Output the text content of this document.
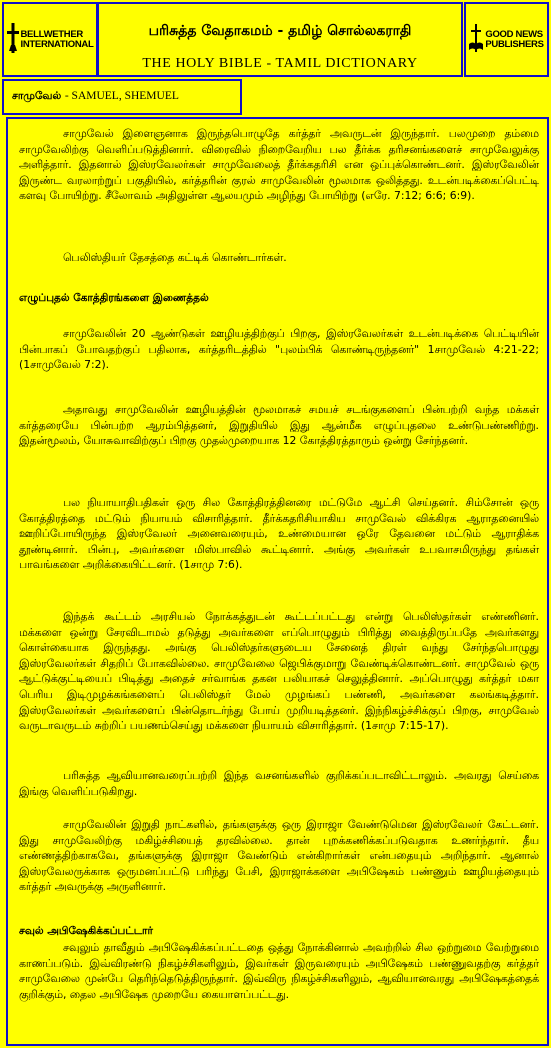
BELLWETHER
INTERNATIONAL
பரிசுத்த வேதாகமம் - தமிழ் சொல்லகராதி
THE HOLY BIBLE - TAMIL DICTIONARY
GOOD NEWS
PUBLISHERS
சாமுவேல் - SAMUEL, SHEMUEL

சாமுவேல் இளைஞனாக இருந்தபொழுதே கர்த்தர் அவருடன் இருந்தார். பலமுறை தம்மை சாமுவேலிற்கு வெளிப்படுத்தினார். விரைவில் நிறைவேறிய பல தீர்க்க தரிசனங்களைச் சாமுவேலுக்கு அளித்தார். இதனால் இஸ்ரவேலர்கள் சாமுவேலைத் தீர்க்கதரிசி என ஒப்புக்கொண்டனர். இஸ்ரவேலின் இருண்ட வரலாற்றுப் பகுதியில், கர்த்தரின் குரல் சாமுவேலின் மூலமாக ஒலித்தது. உடன்படிக்கைப்பெட்டி களவு போயிற்று. சீலோவம் அதிலுள்ள ஆலயமும் அழிந்து போயிற்று (எரே. 7:12; 6:6; 6:9).

பெலிஸ்தியர் தேசத்தை கட்டிக் கொண்டார்கள்.

எழுப்புதல் கோத்திரங்களை இணைத்தல்

சாமுவேலின் 20 ஆண்டுகள் ஊழியத்திற்குப் பிறகு, இஸ்ரவேலர்கள் உடன்படிக்கை பெட்டியின் பின்பாகப் போவதற்குப் பதிலாக, கர்த்தரிடத்தில் "புலம்பிக் கொண்டிருந்தனர்" 1சாமுவேல் 4:21-22; (1சாமுவேல் 7:2).

அதாவது சாமுவேலின் ஊழியத்தின் மூலமாகச் சமயச் சடங்குகளைப் பின்பற்றி வந்த மக்கள் கர்த்தரையே பின்பற்ற ஆரம்பித்தனர், இறுதியில் இது ஆன்மீக எழுப்புதலை உண்டுபண்ணிற்று. இதன்மூலம், யோசுவாவிற்குப் பிறகு முதல்முறையாக 12 கோத்திரத்தாரும் ஒன்று சேர்ந்தனர்.

பல நியாயாதிபதிகள் ஒரு சில கோத்திரத்தினரை மட்டுமே ஆட்சி செய்தனர். சிம்சோன் ஒரு கோத்திரத்தை மட்டும் நியாயம் விசாரித்தார். தீர்க்கதரிசியாகிய சாமுவேல் விக்கிரக ஆராதனையில் ஊறிப்போயிருந்த இஸ்ரவேலர் அனைவரையும், உண்மையான ஒரே தேவனை மட்டும் ஆராதிக்க தூண்டினார். பின்பு, அவர்களை மிஸ்பாவில் கூட்டினார். அங்கு அவர்கள் உபவாசமிருந்து தங்கள் பாவங்களை அறிக்கையிட்டனர். (1சாமு 7:6).

இந்தக் கூட்டம் அரசியல் நோக்கத்துடன் கூட்டப்பட்டது என்று பெலிஸ்தர்கள் எண்ணினர். மக்களை ஒன்று சேரவிடாமல் தடுத்து அவர்களை எப்பொழுதும் பிரித்து வைத்திருப்பதே அவர்களது கொள்கையாக இருந்தது. அங்கு பெலிஸ்தர்களுடைய சேனைத் திரள் வந்து சேர்ந்தபொழுது இஸ்ரவேலர்கள் சிதறிப் போகவில்லை. சாமுவேலை ஜெபிக்குமாறு வேண்டிக்கொண்டனர். சாமுவேல் ஒரு ஆட்டுக்குட்டியைப் பிடித்து அதைச் சர்வாங்க தகன பலியாகச் செலுத்தினார். அப்பொழுது கர்த்தர் மகா பெரிய இடிமுழக்கங்களைப் பெலிஸ்தர் மேல் முழங்கப் பண்ணி, அவர்களை கலங்கடித்தார். இஸ்ரவேலர்கள் அவர்களைப் பின்தொடர்ந்து போய் முறியடித்தனர். இந்நிகழ்ச்சிக்குப் பிறகு, சாமுவேல் வருடாவருடம் சுற்றிப் பயணம்செய்து மக்களை நியாயம் விசாரித்தார். (1சாமு 7:15-17).

பரிசுத்த ஆவியானவரைப்பற்றி இந்த வசனங்களில் குறிக்கப்படாவிட்டாலும். அவரது செய்கை இங்கு வெளிப்படுகிறது.

சாமுவேலின் இறுதி நாட்களில், தங்களுக்கு ஒரு இராஜா வேண்டுமென இஸ்ரவேலர் கேட்டனர். இது சாமுவேலிற்கு மகிழ்ச்சியைத் தரவில்லை. தான் புறக்கணிக்கப்படுவதாக உணர்ந்தார். தீய எண்ணத்திற்காகவே, தங்களுக்கு இராஜா வேண்டும் என்கிறார்கள் என்பதையும் அறிந்தார். ஆனால் இஸ்ரவேலருக்காக ஒருமனப்பட்டு பரிந்து பேசி, இராஜாக்களை அபிஷேகம் பண்ணும் ஊழியத்தையும் கர்த்தர் அவருக்கு அருளினார்.

சவுல் அபிஷேகிக்கப்பட்டார்

சவுலும் தாவீதும் அபிஷேகிக்கப்பட்டதை ஒத்து நோக்கினால் அவற்றில் சில ஒற்றுமை வேற்றுமை காணப்படும். இவ்விரண்டு நிகழ்ச்சிகளிலும், இவர்கள் இருவரையும் அபிஷேகம் பண்ணுவதற்கு கர்த்தர் சாமுவேலை முன்பே தெரிந்தெடுத்திருந்தார். இவ்விரு நிகழ்ச்சிகளிலும், ஆவியானவரது அபிஷேகத்தைக் குறிக்கும், தைல அபிஷேக முறையே கையாளப்பட்டது.
